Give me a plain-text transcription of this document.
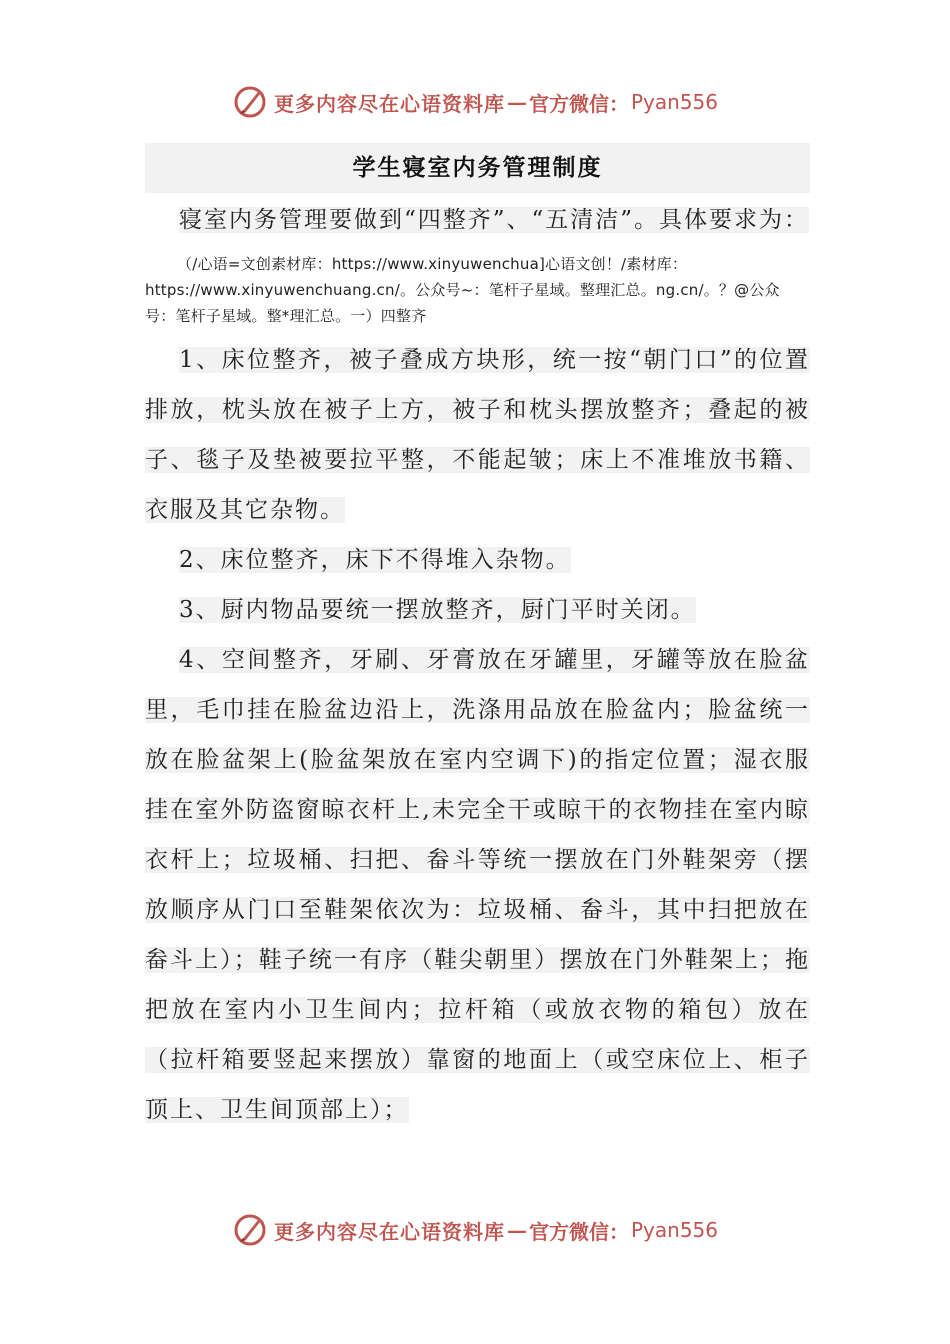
更多内容尽在心语资料库 — 官方微信： Pyan556
学生寝室内务管理制度

寝室内务管理要做到“四整齐”、“五清洁”。具体要求为：

（/心语=文创素材库：https://www.xinyuwenchua]心语文创！/素材库：https://www.xinyuwenchuang.cn/。公众号~：笔杆子星域。整理汇总。ng.cn/。？@公众号：笔杆子星域。整*理汇总。一）四整齐

1、床位整齐，被子叠成方块形，统一按“朝门口”的位置排放，枕头放在被子上方，被子和枕头摆放整齐；叠起的被子、毯子及垫被要拉平整，不能起皱；床上不准堆放书籍、衣服及其它杂物。

2、床位整齐，床下不得堆入杂物。

3、厨内物品要统一摆放整齐，厨门平时关闭。

4、空间整齐，牙刷、牙膏放在牙罐里，牙罐等放在脸盆里，毛巾挂在脸盆边沿上，洗涤用品放在脸盆内；脸盆统一放在脸盆架上(脸盆架放在室内空调下)的指定位置；湿衣服挂在室外防盗窗晾衣杆上,未完全干或晾干的衣物挂在室内晾衣杆上；垃圾桶、扫把、畚斗等统一摆放在门外鞋架旁（摆放顺序从门口至鞋架依次为：垃圾桶、畚斗，其中扫把放在畚斗上）；鞋子统一有序（鞋尖朝里）摆放在门外鞋架上；拖把放在室内小卫生间内；拉杆箱（或放衣物的箱包）放在（拉杆箱要竖起来摆放）靠窗的地面上（或空床位上、柜子顶上、卫生间顶部上）；

更多内容尽在心语资料库 — 官方微信： Pyan556
